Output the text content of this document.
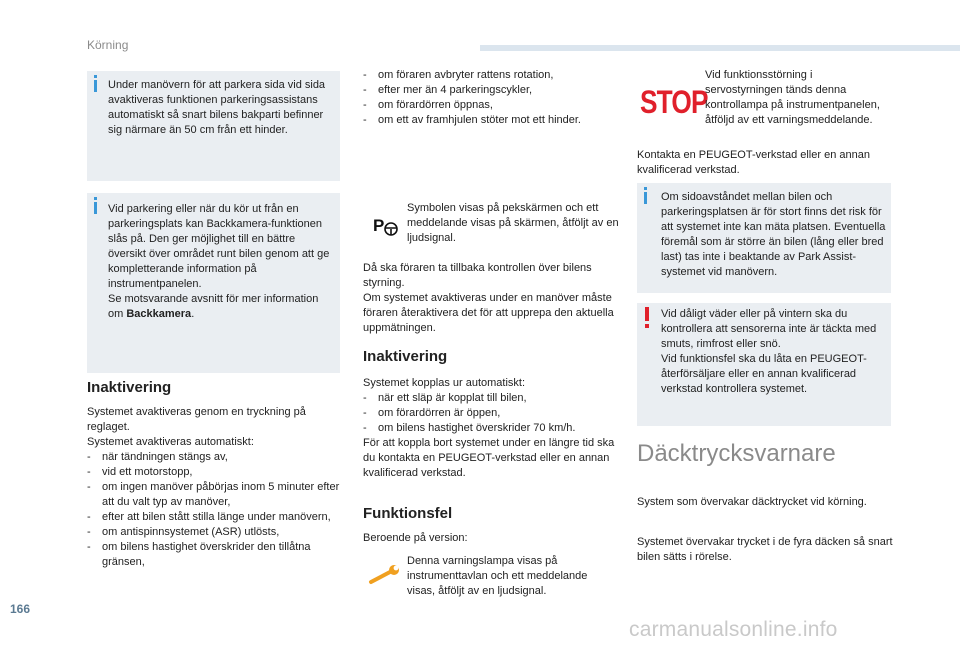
Körning
Under manövern för att parkera sida vid sida avaktiveras funktionen parkeringsassistans automatiskt så snart bilens bakparti befinner sig närmare än 50 cm från ett hinder.
Vid parkering eller när du kör ut från en parkeringsplats kan Backkamera-funktionen slås på. Den ger möjlighet till en bättre översikt över området runt bilen genom att ge kompletterande information på instrumentpanelen.
Se motsvarande avsnitt för mer information om Backkamera.
Inaktivering
Systemet avaktiveras genom en tryckning på reglaget.
Systemet avaktiveras automatiskt:
- när tändningen stängs av,
- vid ett motorstopp,
- om ingen manöver påbörjas inom 5 minuter efter att du valt typ av manöver,
- efter att bilen stått stilla länge under manövern,
- om antispinnsystemet (ASR) utlösts,
- om bilens hastighet överskrider den tillåtna gränsen,
- om föraren avbryter rattens rotation,
- efter mer än 4 parkeringscykler,
- om förardörren öppnas,
- om ett av framhjulen stöter mot ett hinder.
P
Symbolen visas på pekskärmen och ett meddelande visas på skärmen, åtföljt av en ljudsignal.
Då ska föraren ta tillbaka kontrollen över bilens styrning.
Om systemet avaktiveras under en manöver måste föraren återaktivera det för att upprepa den aktuella uppmätningen.
Inaktivering
Systemet kopplas ur automatiskt:
- när ett släp är kopplat till bilen,
- om förardörren är öppen,
- om bilens hastighet överskrider 70 km/h.
För att koppla bort systemet under en längre tid ska du kontakta en PEUGEOT-verkstad eller en annan kvalificerad verkstad.
Funktionsfel
Beroende på version:
Denna varningslampa visas på instrumenttavlan och ett meddelande visas, åtföljt av en ljudsignal.
STOP
Vid funktionsstörning i servostyrningen tänds denna kontrollampa på instrumentpanelen, åtföljd av ett varningsmeddelande.
Kontakta en PEUGEOT-verkstad eller en annan kvalificerad verkstad.
Om sidoavståndet mellan bilen och parkeringsplatsen är för stort finns det risk för att systemet inte kan mäta platsen. Eventuella föremål som är större än bilen (lång eller bred last) tas inte i beaktande av Park Assist-systemet vid manövern.
Vid dåligt väder eller på vintern ska du kontrollera att sensorerna inte är täckta med smuts, rimfrost eller snö.
Vid funktionsfel ska du låta en PEUGEOT-återförsäljare eller en annan kvalificerad verkstad kontrollera systemet.
Däcktrycksvarnare
System som övervakar däcktrycket vid körning.
Systemet övervakar trycket i de fyra däcken så snart bilen sätts i rörelse.
166
carmanualsonline.info
